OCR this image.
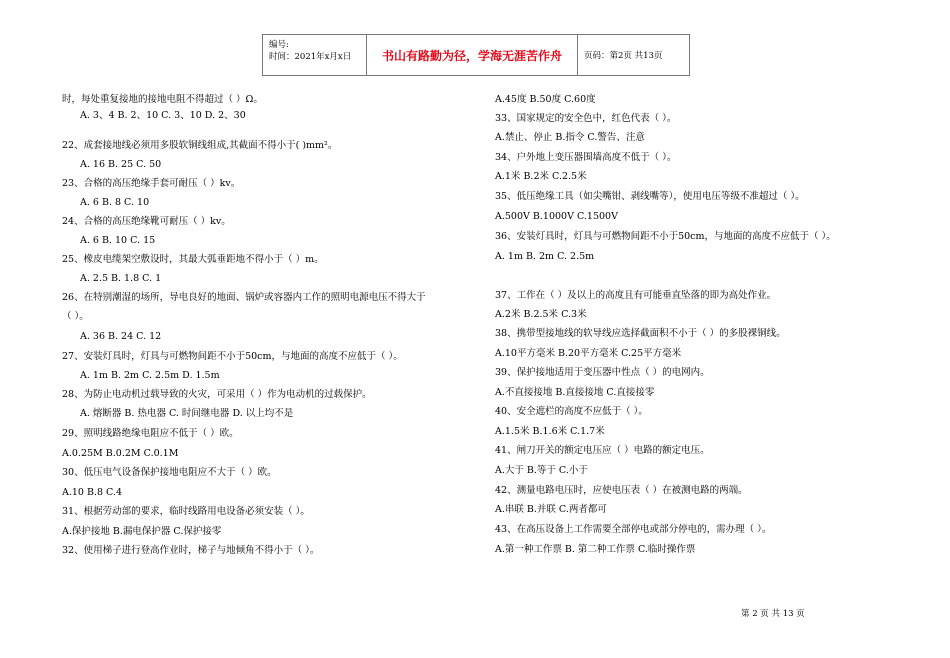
编号:
时间：2021年x月x日	书山有路勤为径，学海无涯苦作舟	页码：第2页 共13页
时，每处重复接地的接地电阻不得超过（ ）Ω。
A. 3、4 B. 2、10 C. 3、10 D. 2、30
22、成套接地线必须用多股软铜线组成,其截面不得小于( )mm²。
A. 16 B. 25 C. 50
23、合格的高压绝缘手套可耐压（ ）kv。
A. 6 B. 8 C. 10
24、合格的高压绝缘靴可耐压（ ）kv。
A. 6 B. 10 C. 15
25、橡皮电缆架空敷设时，其最大弧垂距地不得小于（ ）m。
A. 2.5 B. 1.8 C. 1
26、在特别潮湿的场所，导电良好的地面、锅炉或容器内工作的照明电源电压不得大于
（ ）。
A. 36 B. 24 C. 12
27、安装灯具时，灯具与可燃物间距不小于50cm，与地面的高度不应低于（ ）。
A. 1m B. 2m C. 2.5m D. 1.5m
28、为防止电动机过载导致的火灾，可采用（ ）作为电动机的过载保护。
A. 熔断器 B. 热电器 C. 时间继电器 D. 以上均不是
29、照明线路绝缘电阻应不低于（ ）欧。
A.0.25M B.0.2M C.0.1M
30、低压电气设备保护接地电阻应不大于（ ）欧。
A.10 B.8 C.4
31、根据劳动部的要求，临时线路用电设备必须安装（ ）。
A.保护接地 B.漏电保护器 C.保护接零
32、使用梯子进行登高作业时，梯子与地倾角不得小于（ ）。
A.45度 B.50度 C.60度
33、国家规定的安全色中，红色代表（ ）。
A.禁止、停止 B.指令 C.警告、注意
34、户外地上变压器围墙高度不低于（ ）。
A.1米 B.2米 C.2.5米
35、低压绝缘工具（如尖嘴钳、剥线嘴等），使用电压等级不准超过（ ）。
A.500V B.1000V C.1500V
36、安装灯具时，灯具与可燃物间距不小于50cm，与地面的高度不应低于（ ）。
A. 1m B. 2m C. 2.5m
37、工作在（ ）及以上的高度且有可能垂直坠落的即为高处作业。
A.2米 B.2.5米 C.3米
38、携带型接地线的软导线应选择截面积不小于（ ）的多股裸铜线。
A.10平方毫米 B.20平方毫米 C.25平方毫米
39、保护接地适用于变压器中性点（ ）的电网内。
A.不直接接地 B.直接接地 C.直接接零
40、安全遮栏的高度不应低于（ ）。
A.1.5米 B.1.6米 C.1.7米
41、闸刀开关的额定电压应（ ）电路的额定电压。
A.大于 B.等于 C.小于
42、测量电路电压时，应使电压表（ ）在被测电路的两端。
A.串联 B.并联 C.两者都可
43、在高压设备上工作需要全部停电或部分停电的，需办理（ ）。
A.第一种工作票 B. 第二种工作票 C.临时操作票
第 2 页 共 13 页
